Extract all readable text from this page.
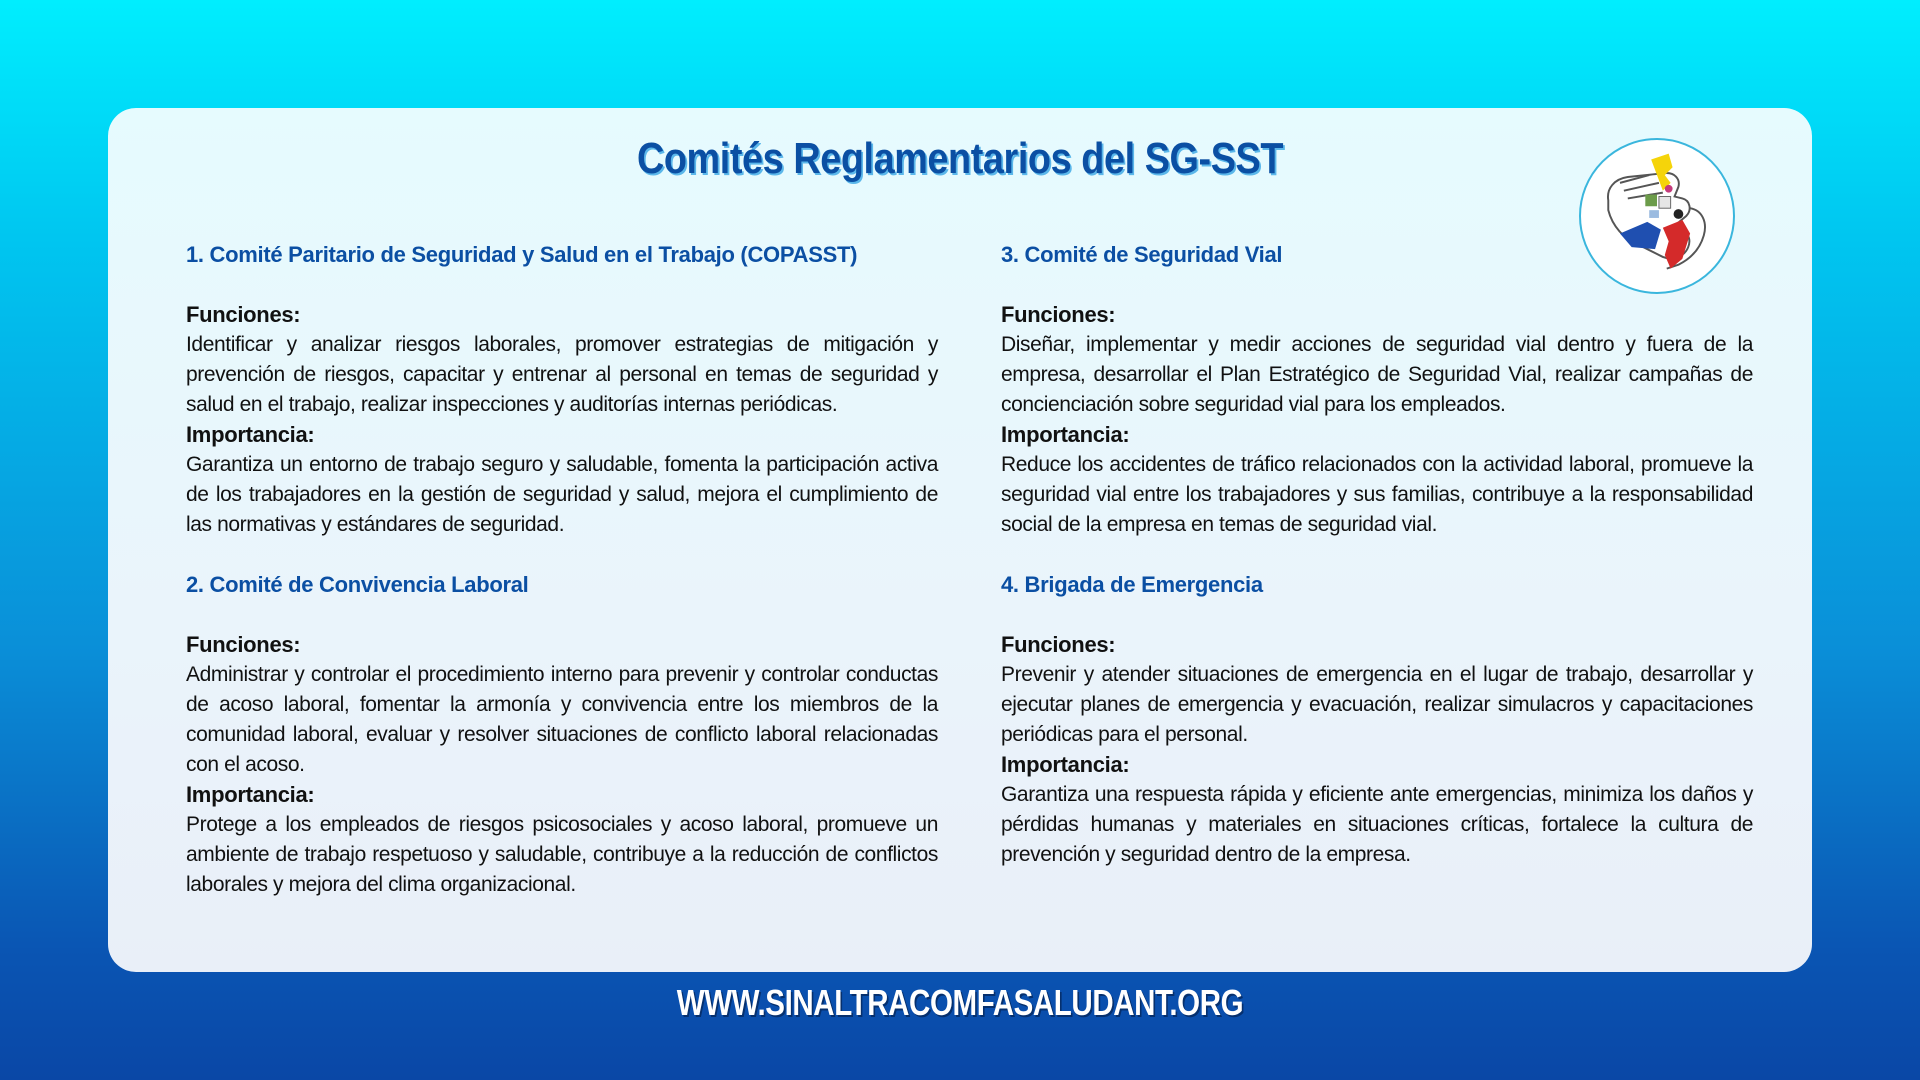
Comités Reglamentarios del SG-SST

1. Comité Paritario de Seguridad y Salud en el Trabajo (COPASST)

Funciones:

Identificar y analizar riesgos laborales, promover estrategias de mitigación y prevención de riesgos, capacitar y entrenar al personal en temas de seguridad y salud en el trabajo, realizar inspecciones y auditorías internas periódicas.

Importancia:

Garantiza un entorno de trabajo seguro y saludable, fomenta la participación activa de los trabajadores en la gestión de seguridad y salud, mejora el cumplimiento de las normativas y estándares de seguridad.

2. Comité de Convivencia Laboral

Funciones:

Administrar y controlar el procedimiento interno para prevenir y controlar conductas de acoso laboral, fomentar la armonía y convivencia entre los miembros de la comunidad laboral, evaluar y resolver situaciones de conflicto laboral relacionadas con el acoso.

Importancia:

Protege a los empleados de riesgos psicosociales y acoso laboral, promueve un ambiente de trabajo respetuoso y saludable, contribuye a la reducción de conflictos laborales y mejora del clima organizacional.

3. Comité de Seguridad Vial

Funciones:

Diseñar, implementar y medir acciones de seguridad vial dentro y fuera de la empresa, desarrollar el Plan Estratégico de Seguridad Vial, realizar campañas de concienciación sobre seguridad vial para los empleados.

Importancia:

Reduce los accidentes de tráfico relacionados con la actividad laboral, promueve la seguridad vial entre los trabajadores y sus familias, contribuye a la responsabilidad social de la empresa en temas de seguridad vial.

4. Brigada de Emergencia

Funciones:

Prevenir y atender situaciones de emergencia en el lugar de trabajo, desarrollar y ejecutar planes de emergencia y evacuación, realizar simulacros y capacitaciones periódicas para el personal.

Importancia:

Garantiza una respuesta rápida y eficiente ante emergencias, minimiza los daños y pérdidas humanas y materiales en situaciones críticas, fortalece la cultura de prevención y seguridad dentro de la empresa.

WWW.SINALTRACOMFASALUDANT.ORG
